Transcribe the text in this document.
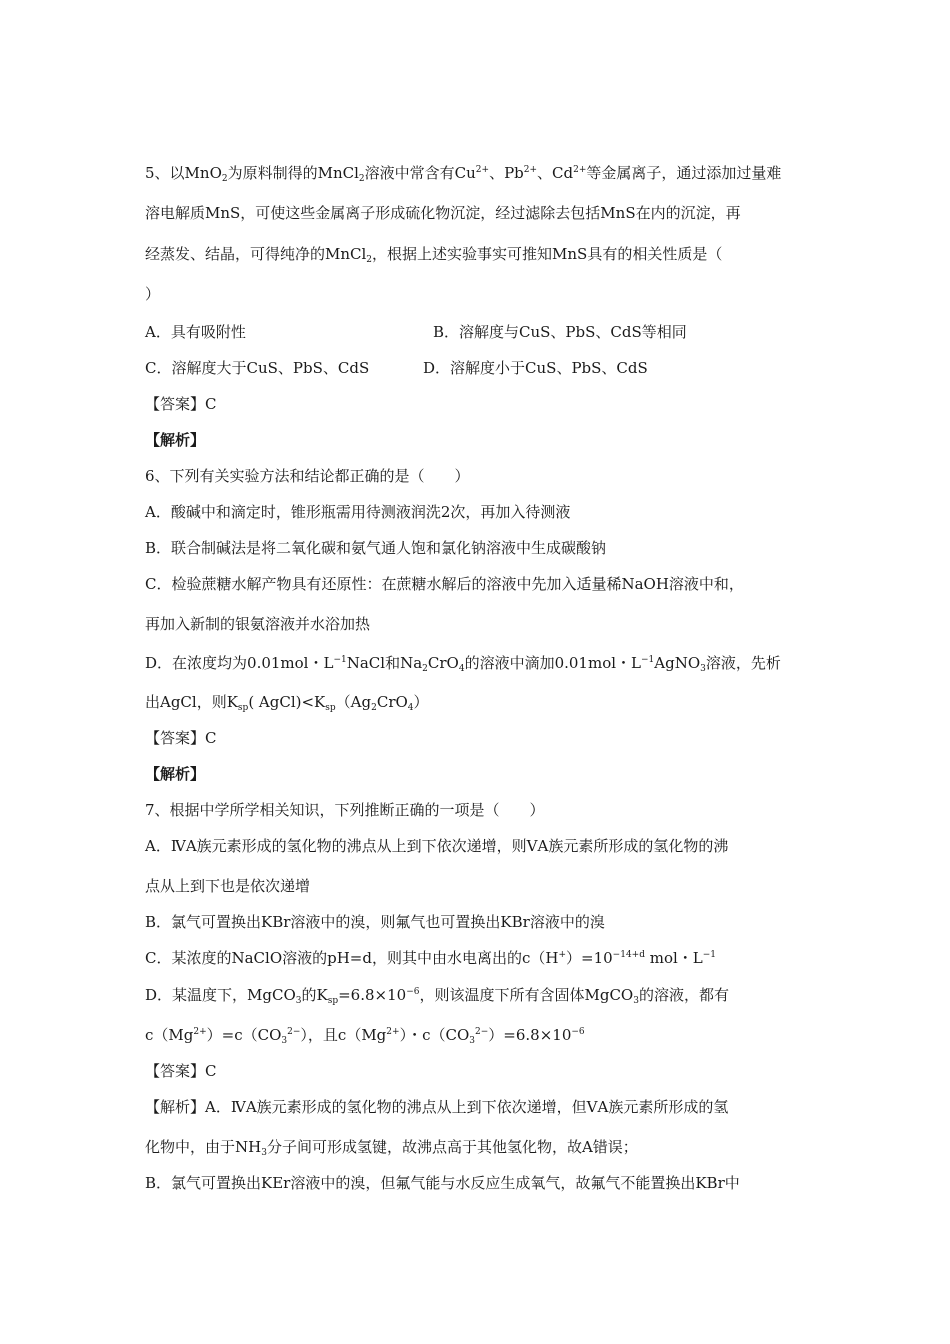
5、以MnO$_2$为原料制得的MnCl$_2$溶液中常含有$Cu^{2+}$、$Pb^{2+}$、$Cd^{2+}$等金属离子，通过添加过量难
溶电解质MnS，可使这些金属离子形成硫化物沉淀，经过滤除去包括MnS在内的沉淀，再
经蒸发、结晶，可得纯净的MnCl$_2$，根据上述实验事实可推知MnS具有的相关性质是（
）
A．具有吸附性	B．溶解度与CuS、PbS、CdS等相同
C．溶解度大于CuS、PbS、CdS	D．溶解度小于CuS、PbS、CdS
【答案】C
【解析】
6、下列有关实验方法和结论都正确的是（　　）
A．酸碱中和滴定时，锥形瓶需用待测液润洗2次，再加入待测液
B．联合制碱法是将二氧化碳和氨气通人饱和氯化钠溶液中生成碳酸钠
C．检验蔗糖水解产物具有还原性：在蔗糖水解后的溶液中先加入适量稀NaOH溶液中和，
再加入新制的银氨溶液并水浴加热
D．在浓度均为0.01mol・$L^{-1}NaCl$和$Na_2CrO_4$的溶液中滴加0.01mol・$L^{-1}AgNO_3$溶液，先析
出AgCl，则$K_{sp}$( $AgCl)<K_{sp}(Ag_2CrO_4)$
【答案】C
【解析】
7、根据中学所学相关知识，下列推断正确的一项是（　　）
A．ⅣA族元素形成的氢化物的沸点从上到下依次递增，则ⅤA族元素所形成的氢化物的沸
点从上到下也是依次递增
B．氯气可置换出KBr溶液中的溴，则氟气也可置换出KBr溶液中的溴
C．某浓度的NaClO溶液的pH=d，则其中由水电离出的$c(H^+)=10^{-14+d}$ mol・$L^{-1}$
D．某温度下，MgCO$_3$的$K_{sp}=6.8\times 10^{-6}$，则该温度下所有含固体MgCO$_3$的溶液，都有
$c(Mg^{2+})=c(CO_3^{2-})$，且$c(Mg^{2+})$・$c(CO_3^{2-})=6.8\times 10^{-6}$
【答案】C
【解析】A．ⅣA族元素形成的氢化物的沸点从上到下依次递增，但ⅤA族元素所形成的氢
化物中，由于$NH_3$分子间可形成氢键，故沸点高于其他氢化物，故A错误；
B．氯气可置换出KEr溶液中的溴，但氟气能与水反应生成氧气，故氟气不能置换出KBr中
